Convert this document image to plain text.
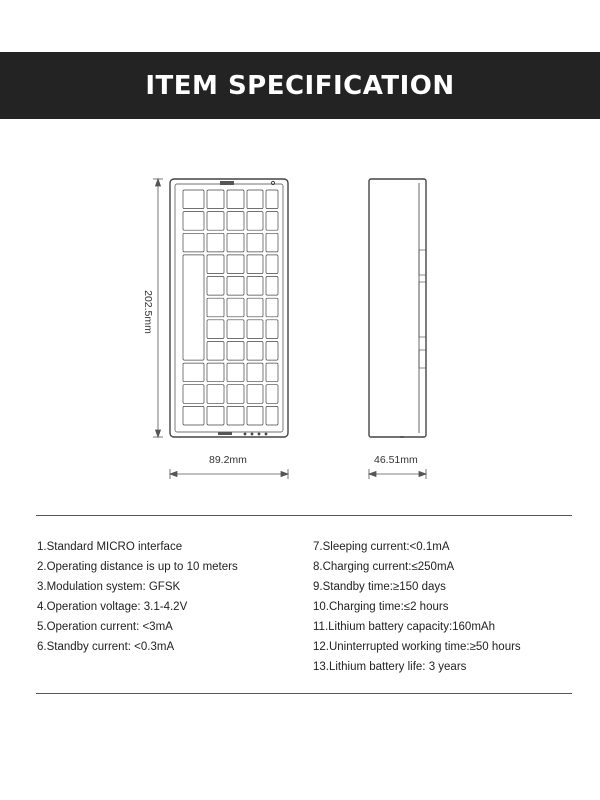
ITEM SPECIFICATION
202.5mm
89.2mm	46.51mm
1.Standard MICRO interface
2.Operating distance is up to 10 meters
3.Modulation system: GFSK
4.Operation voltage: 3.1-4.2V
5.Operation current: <3mA
6.Standby current: <0.3mA
7.Sleeping current:<0.1mA
8.Charging current:≤250mA
9.Standby time:≥150 days
10.Charging time:≤2 hours
11.Lithium battery capacity:160mAh
12.Uninterrupted working time:≥50 hours
13.Lithium battery life: 3 years
